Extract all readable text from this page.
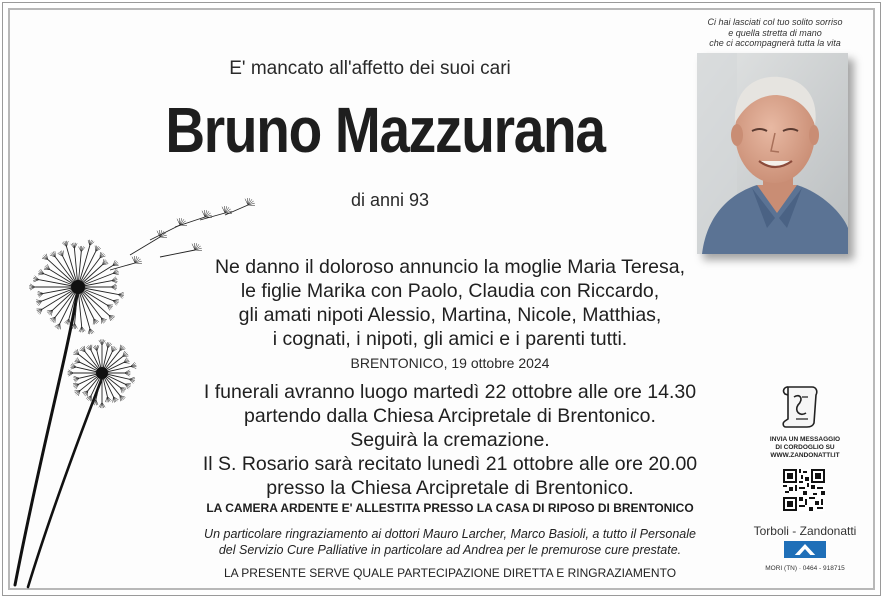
E' mancato all'affetto dei suoi cari
Bruno Mazzurana
di anni 93
Ne danno il doloroso annuncio la moglie Maria Teresa,
le figlie Marika con Paolo, Claudia con Riccardo,
gli amati nipoti Alessio, Martina, Nicole, Matthias,
i cognati, i nipoti, gli amici e i parenti tutti.
BRENTONICO, 19 ottobre 2024
I funerali avranno luogo martedì 22 ottobre alle ore 14.30
partendo dalla Chiesa Arcipretale di Brentonico.
Seguirà la cremazione.
Il S. Rosario sarà recitato lunedì 21 ottobre alle ore 20.00
presso la Chiesa Arcipretale di Brentonico.
LA CAMERA ARDENTE E' ALLESTITA PRESSO LA CASA DI RIPOSO DI BRENTONICO
Un particolare ringraziamento ai dottori Mauro Larcher, Marco Basioli, a tutto il Personale
del Servizio Cure Palliative in particolare ad Andrea per le premurose cure prestate.
LA PRESENTE SERVE QUALE PARTECIPAZIONE DIRETTA E RINGRAZIAMENTO
Ci hai lasciati col tuo solito sorriso
e quella stretta di mano
che ci accompagnerà tutta la vita
INVIA UN MESSAGGIO
DI CORDOGLIO SU
WWW.ZANDONATTI.IT
Torboli - Zandonatti
MORI (TN) · 0464 - 918715
